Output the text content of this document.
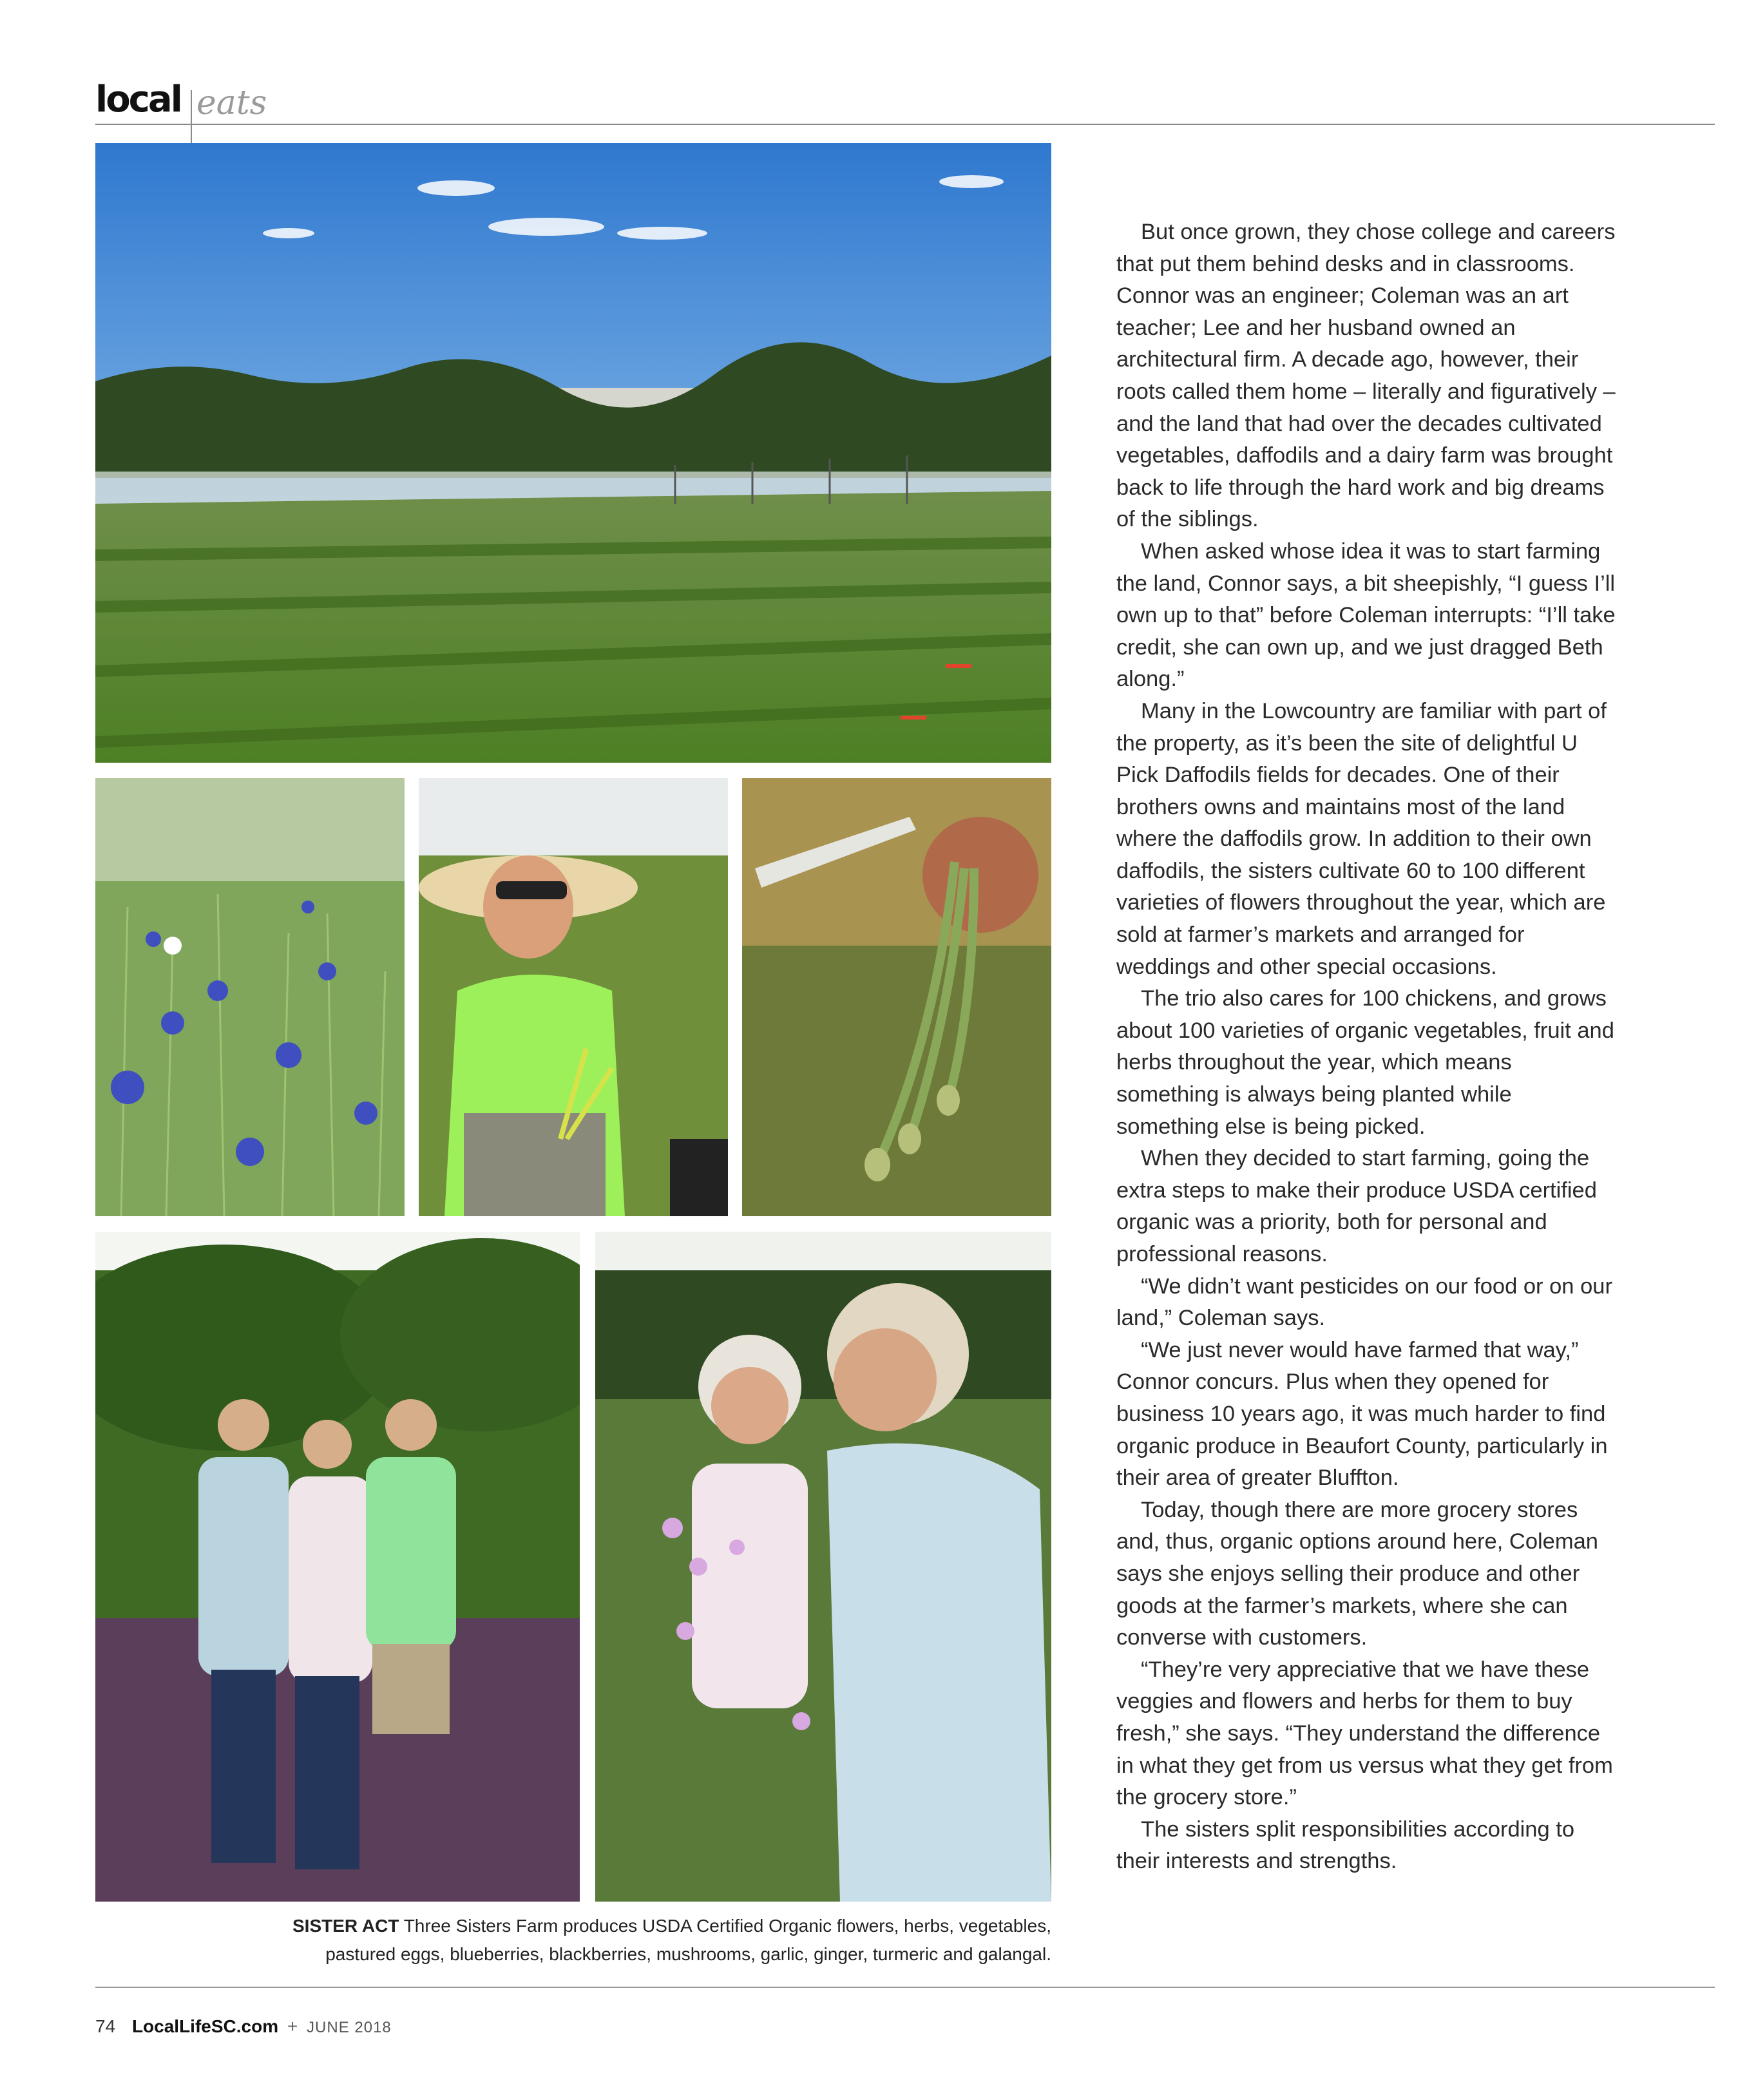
local eats
SISTER ACT Three Sisters Farm produces USDA Certified Organic flowers, herbs, vegetables,
pastured eggs, blueberries, blackberries, mushrooms, garlic, ginger, turmeric and galangal.

But once grown, they chose college and careers that put them behind desks and in classrooms. Connor was an engineer; Coleman was an art teacher; Lee and her husband owned an architectural firm. A decade ago, however, their roots called them home – literally and figuratively – and the land that had over the decades cultivated vegetables, daffodils and a dairy farm was brought back to life through the hard work and big dreams of the siblings.

When asked whose idea it was to start farming the land, Connor says, a bit sheepishly, “I guess I’ll own up to that” before Coleman interrupts: “I’ll take credit, she can own up, and we just dragged Beth along.”

Many in the Lowcountry are familiar with part of the property, as it’s been the site of delightful U Pick Daffodils fields for decades. One of their brothers owns and maintains most of the land where the daffodils grow. In addition to their own daffodils, the sisters cultivate 60 to 100 different varieties of flowers throughout the year, which are sold at farmer’s markets and arranged for weddings and other special occasions.

The trio also cares for 100 chickens, and grows about 100 varieties of organic vegetables, fruit and herbs throughout the year, which means something is always being planted while something else is being picked.

When they decided to start farming, going the extra steps to make their produce USDA certified organic was a priority, both for personal and professional reasons.

“We didn’t want pesticides on our food or on our land,” Coleman says.

“We just never would have farmed that way,” Connor concurs. Plus when they opened for business 10 years ago, it was much harder to find organic produce in Beaufort County, particularly in their area of greater Bluffton.

Today, though there are more grocery stores and, thus, organic options around here, Coleman says she enjoys selling their produce and other goods at the farmer’s markets, where she can converse with customers.

“They’re very appreciative that we have these veggies and flowers and herbs for them to buy fresh,” she says. “They understand the difference in what they get from us versus what they get from the grocery store.”

The sisters split responsibilities according to their interests and strengths.

74 LocalLifeSC.com + JUNE 2018
